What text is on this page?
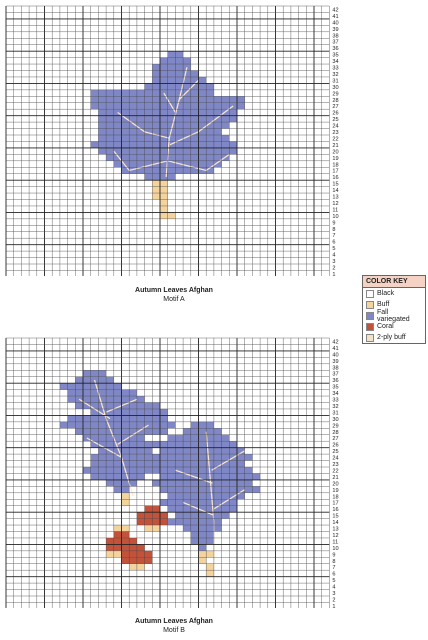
42
41
40
39
38
37
36
35
34
33
32
31
30
29
28
27
26
25
24
23
22
21
20
19
18
17
16
15
14
13
12
11
10
9
8
7
6
5
4
3
2
1
Autumn Leaves Afghan
Motif A
COLOR KEY
Black
Buff
Fall variegated
Coral
2-ply buff
42
41
40
39
38
37
36
35
34
33
32
31
30
29
28
27
26
25
24
23
22
21
20
19
18
17
16
15
14
13
12
11
10
9
8
7
6
5
4
3
2
1
Autumn Leaves Afghan
Motif B
